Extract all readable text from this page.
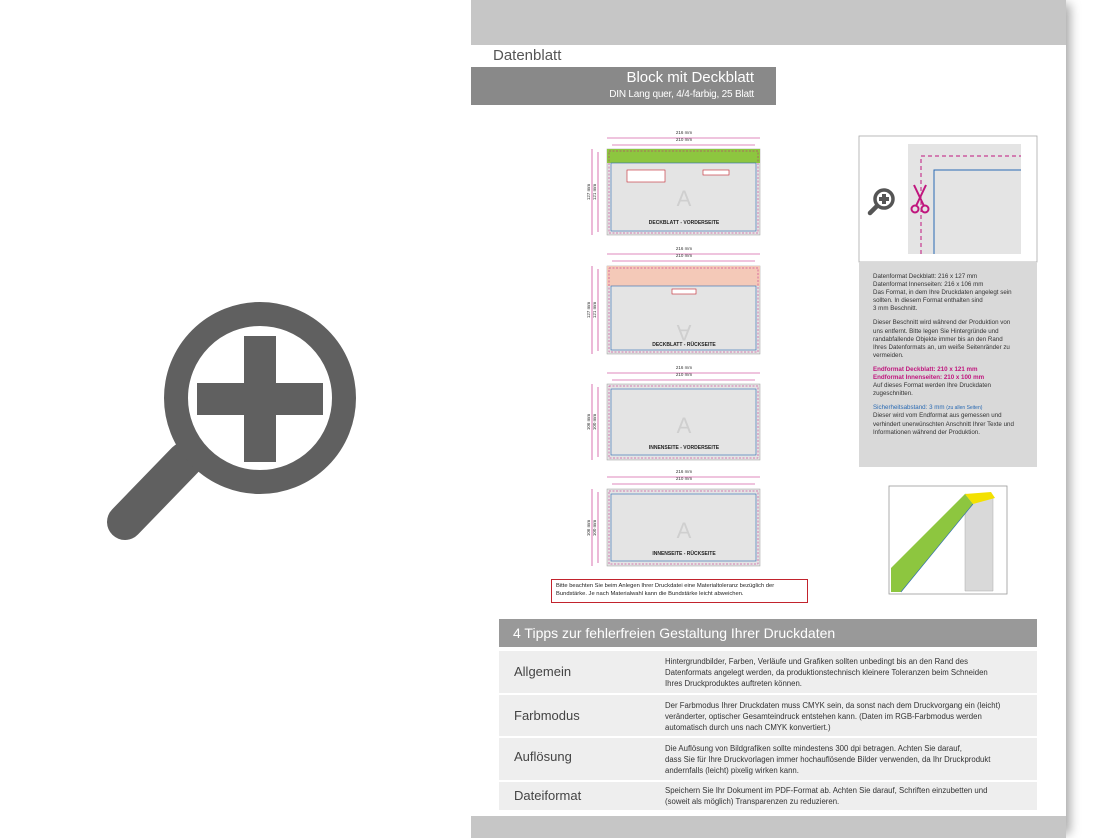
Datenblatt
Block mit Deckblatt
DIN Lang quer, 4/4-farbig, 25 Blatt
216 mm
210 mm
A
DECKBLATT - VORDERSEITE
127 mm 121 mm
216 mm
210 mm
A
DECKBLATT - RÜCKSEITE
127 mm 121 mm
216 mm
210 mm
A
INNENSEITE - VORDERSEITE
106 mm 100 mm
216 mm
210 mm
A
INNENSEITE - RÜCKSEITE
106 mm 100 mm
Datenformat Deckblatt: 216 x 127 mm
Datenformat Innenseiten: 216 x 106 mm
Das Format, in dem Ihre Druckdaten angelegt sein
sollten. In diesem Format enthalten sind
3 mm Beschnitt.
Dieser Beschnitt wird während der Produktion von
uns entfernt. Bitte legen Sie Hintergründe und
randabfallende Objekte immer bis an den Rand
Ihres Datenformats an, um weiße Seitenränder zu
vermeiden.
Endformat Deckblatt: 210 x 121 mm
Endformat Innenseiten: 210 x 100 mm
Auf dieses Format werden Ihre Druckdaten
zugeschnitten.
Sicherheitsabstand: 3 mm (zu allen Seiten)
Dieser wird vom Endformat aus gemessen und
verhindert unerwünschten Anschnitt Ihrer Texte und
Informationen während der Produktion.
Bitte beachten Sie beim Anlegen Ihrer Druckdatei eine Materialtoleranz bezüglich der
Bundstärke. Je nach Materialwahl kann die Bundstärke leicht abweichen.
4 Tipps zur fehlerfreien Gestaltung Ihrer Druckdaten
Allgemein
Hintergrundbilder, Farben, Verläufe und Grafiken sollten unbedingt bis an den Rand des
Datenformats angelegt werden, da produktionstechnisch kleinere Toleranzen beim Schneiden
Ihres Druckproduktes auftreten können.
Farbmodus
Der Farbmodus Ihrer Druckdaten muss CMYK sein, da sonst nach dem Druckvorgang ein (leicht)
veränderter, optischer Gesamteindruck entstehen kann. (Daten im RGB-Farbmodus werden
automatisch durch uns nach CMYK konvertiert.)
Auflösung
Die Auflösung von Bildgrafiken sollte mindestens 300 dpi betragen. Achten Sie darauf,
dass Sie für Ihre Druckvorlagen immer hochauflösende Bilder verwenden, da Ihr Druckprodukt
andernfalls (leicht) pixelig wirken kann.
Dateiformat	Speichern Sie Ihr Dokument im PDF-Format ab. Achten Sie darauf, Schriften einzubetten und
(soweit als möglich) Transparenzen zu reduzieren.
